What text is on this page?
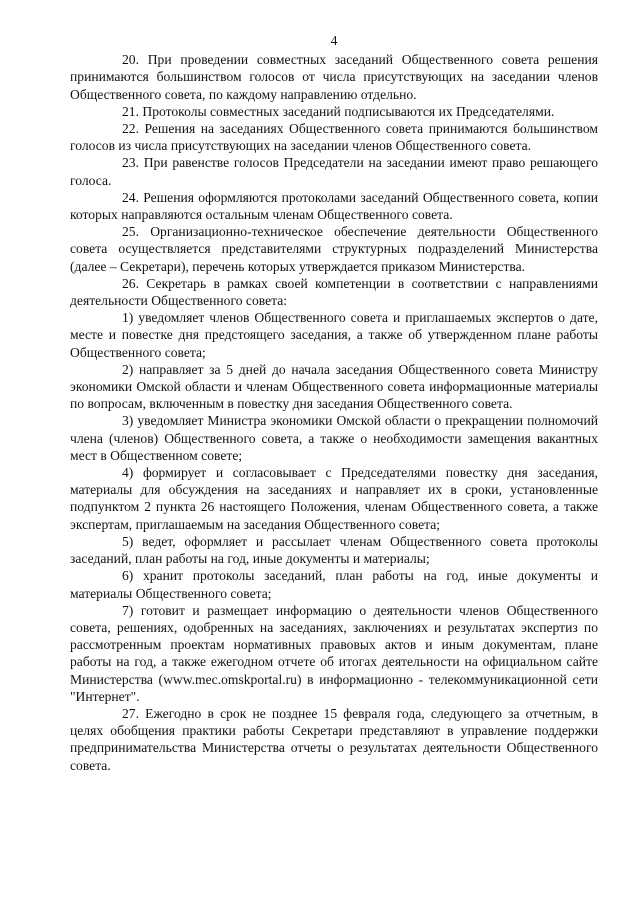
4

20. При проведении совместных заседаний Общественного совета решения принимаются большинством голосов от числа присутствующих на заседании членов Общественного совета, по каждому направлению отдельно.

21. Протоколы совместных заседаний подписываются их Председателями.

22. Решения на заседаниях Общественного совета принимаются большинством голосов из числа присутствующих на заседании членов Общественного совета.

23. При равенстве голосов Председатели на заседании имеют право решающего голоса.

24. Решения оформляются протоколами заседаний Общественного совета, копии которых направляются остальным членам Общественного совета.

25. Организационно-техническое обеспечение деятельности Общественного совета осуществляется представителями структурных подразделений Министерства (далее – Секретари), перечень которых утверждается приказом Министерства.

26. Секретарь в рамках своей компетенции в соответствии с направлениями деятельности Общественного совета:

1) уведомляет членов Общественного совета и приглашаемых экспертов о дате, месте и повестке дня предстоящего заседания, а также об утвержденном плане работы Общественного совета;

2) направляет за 5 дней до начала заседания Общественного совета Министру экономики Омской области и членам Общественного совета информационные материалы по вопросам, включенным в повестку дня заседания Общественного совета.

3) уведомляет Министра экономики Омской области о прекращении полномочий члена (членов) Общественного совета, а также о необходимости замещения вакантных мест в Общественном совете;

4) формирует и согласовывает с Председателями повестку дня заседания, материалы для обсуждения на заседаниях и направляет их в сроки, установленные подпунктом 2 пункта 26 настоящего Положения, членам Общественного совета, а также экспертам, приглашаемым на заседания Общественного совета;

5) ведет, оформляет и рассылает членам Общественного совета протоколы заседаний, план работы на год, иные документы и материалы;

6) хранит протоколы заседаний, план работы на год, иные документы и материалы Общественного совета;

7) готовит и размещает информацию о деятельности членов Общественного совета, решениях, одобренных на заседаниях, заключениях и результатах экспертиз по рассмотренным проектам нормативных правовых актов и иным документам, плане работы на год, а также ежегодном отчете об итогах деятельности на официальном сайте Министерства (www.mec.omskportal.ru) в информационно - телекоммуникационной сети "Интернет".

27. Ежегодно в срок не позднее 15 февраля года, следующего за отчетным, в целях обобщения практики работы Секретари представляют в управление поддержки предпринимательства Министерства отчеты о результатах деятельности Общественного совета.
